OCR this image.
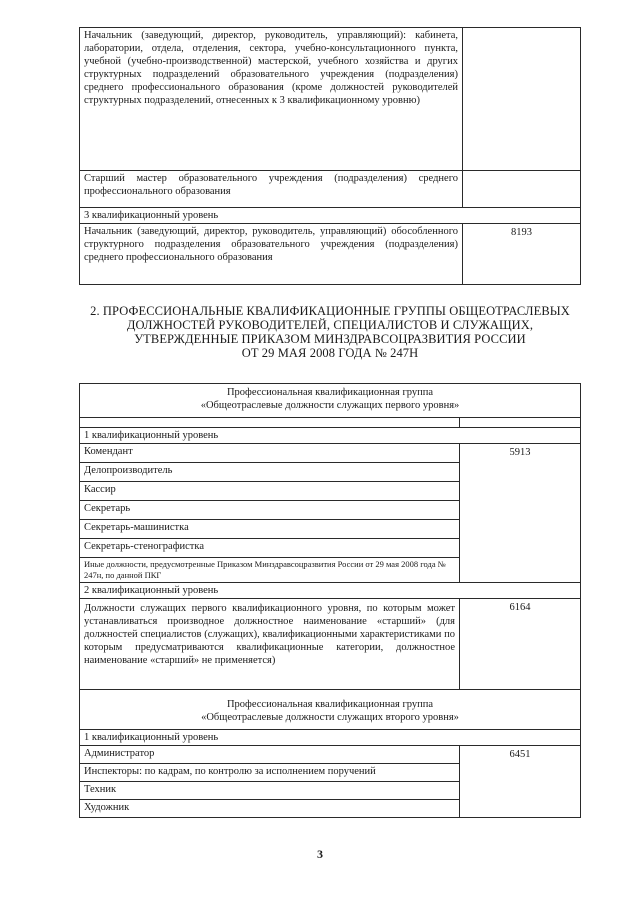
Начальник (заведующий, директор, руководитель, управляющий): кабинета, лаборатории, отдела, отделения, сектора, учебно-консультационного пункта, учебной (учебно-производственной) мастерской, учебного хозяйства и других структурных подразделений образовательного учреждения (подразделения) среднего профессионального образования (кроме должностей руководителей структурных подразделений, отнесенных к 3 квалификационному уровню)	
Старший мастер образовательного учреждения (подразделения) среднего профессионального образования	
3 квалификационный уровень	
Начальник (заведующий, директор, руководитель, управляющий) обособленного структурного подразделения образовательного учреждения (подразделения) среднего профессионального образования	8193
2. ПРОФЕССИОНАЛЬНЫЕ КВАЛИФИКАЦИОННЫЕ ГРУППЫ ОБЩЕОТРАСЛЕВЫХ
ДОЛЖНОСТЕЙ РУКОВОДИТЕЛЕЙ, СПЕЦИАЛИСТОВ И СЛУЖАЩИХ,
УТВЕРЖДЕННЫЕ ПРИКАЗОМ МИНЗДРАВСОЦРАЗВИТИЯ РОССИИ
ОТ 29 МАЯ 2008 ГОДА № 247Н
Профессиональная квалификационная группа
«Общеотраслевые должности служащих первого уровня»	

1 квалификационный уровень	
Комендант	5913
Делопроизводитель	
Кассир	
Секретарь	
Секретарь-машинистка	
Секретарь-стенографистка	
Иные должности, предусмотренные Приказом Минздравсоцразвития России от 29 мая 2008 года № 247н, по данной ПКГ	
2 квалификационный уровень	
Должности служащих первого квалификационного уровня, по которым может устанавливаться производное должностное наименование «старший» (для должностей специалистов (служащих), квалификационными характеристиками по которым предусматриваются квалификационные категории, должностное наименование «старший» не применяется)	6164

Профессиональная квалификационная группа
«Общеотраслевые должности служащих второго уровня»	

1 квалификационный уровень	
Администратор	6451
Инспекторы: по кадрам, по контролю за исполнением поручений	
Техник	
Художник	
3
